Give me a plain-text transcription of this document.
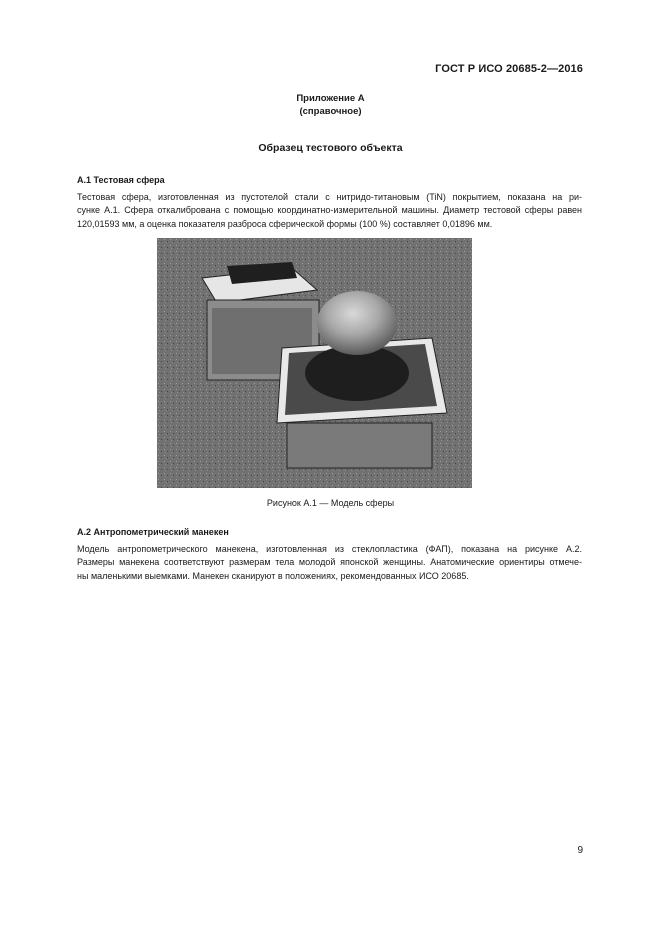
ГОСТ Р ИСО 20685-2—2016
Приложение А
(справочное)
Образец тестового объекта
А.1 Тестовая сфера
Тестовая сфера, изготовленная из пустотелой стали с нитридо-титановым (TiN) покрытием, показана на ри-
сунке А.1. Сфера откалиброванa с помощью координатно-измерительной машины. Диаметр тестовой сферы равен
120,01593 мм, а оценка показателя разброса сферической формы (100 %) составляет 0,01896 мм.
Рисунок А.1 — Модель сферы
А.2 Антропометрический манекен
Модель антропометрического манекена, изготовленная из стеклопластика (ФАП), показана на рисунке А.2.
Размеры манекена соответствуют размерам тела молодой японской женщины. Анатомические ориентиры отмече-
ны маленькими выемками. Манекен сканируют в положениях, рекомендованных ИСО 20685.
9
